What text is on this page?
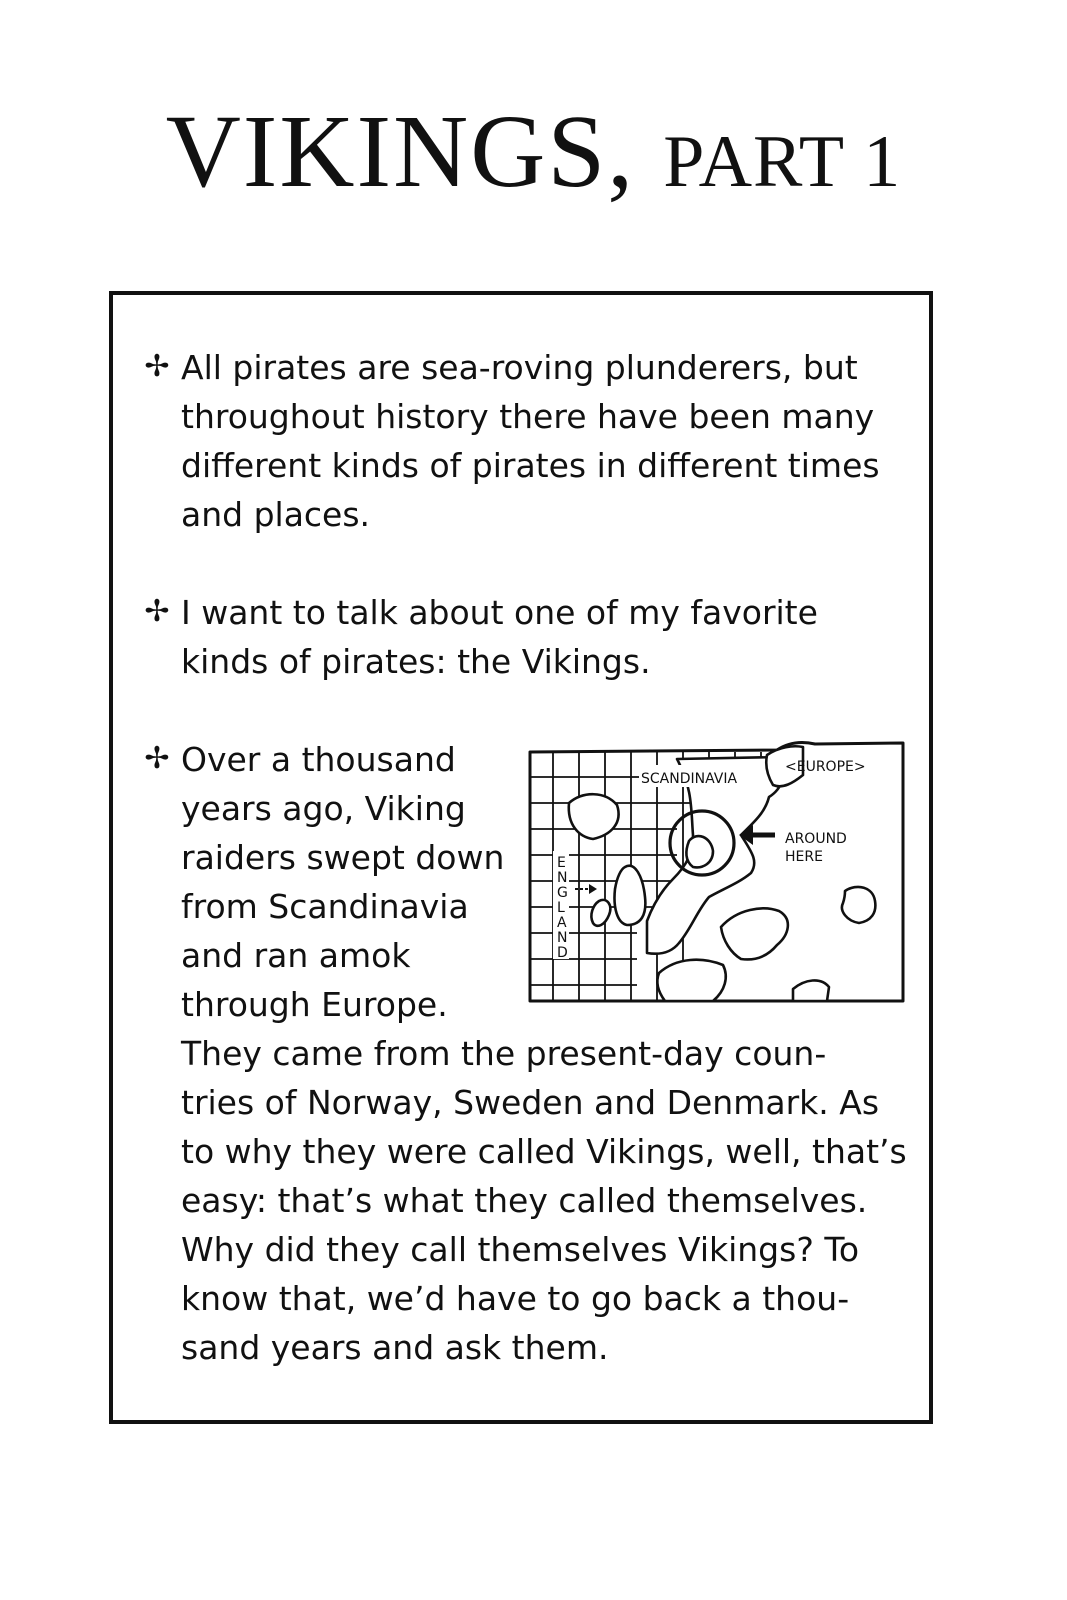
VIKINGS, PART 1
✢ All pirates are sea-roving plunderers, but
throughout history there have been many
different kinds of pirates in different times
and places.
✢ I want to talk about one of my favorite
kinds of pirates: the Vikings.
✢ Over a thousand
years ago, Viking
raiders swept down
from Scandinavia
and ran amok
through Europe.
They came from the present-day coun-
tries of Norway, Sweden and Denmark. As
to why they were called Vikings, well, that’s
easy: that’s what they called themselves.
Why did they call themselves Vikings? To
know that, we’d have to go back a thou-
sand years and ask them.
SCANDINAVIA
<EUROPE>
AROUND
HERE
E
N
G
L
A
N
D
